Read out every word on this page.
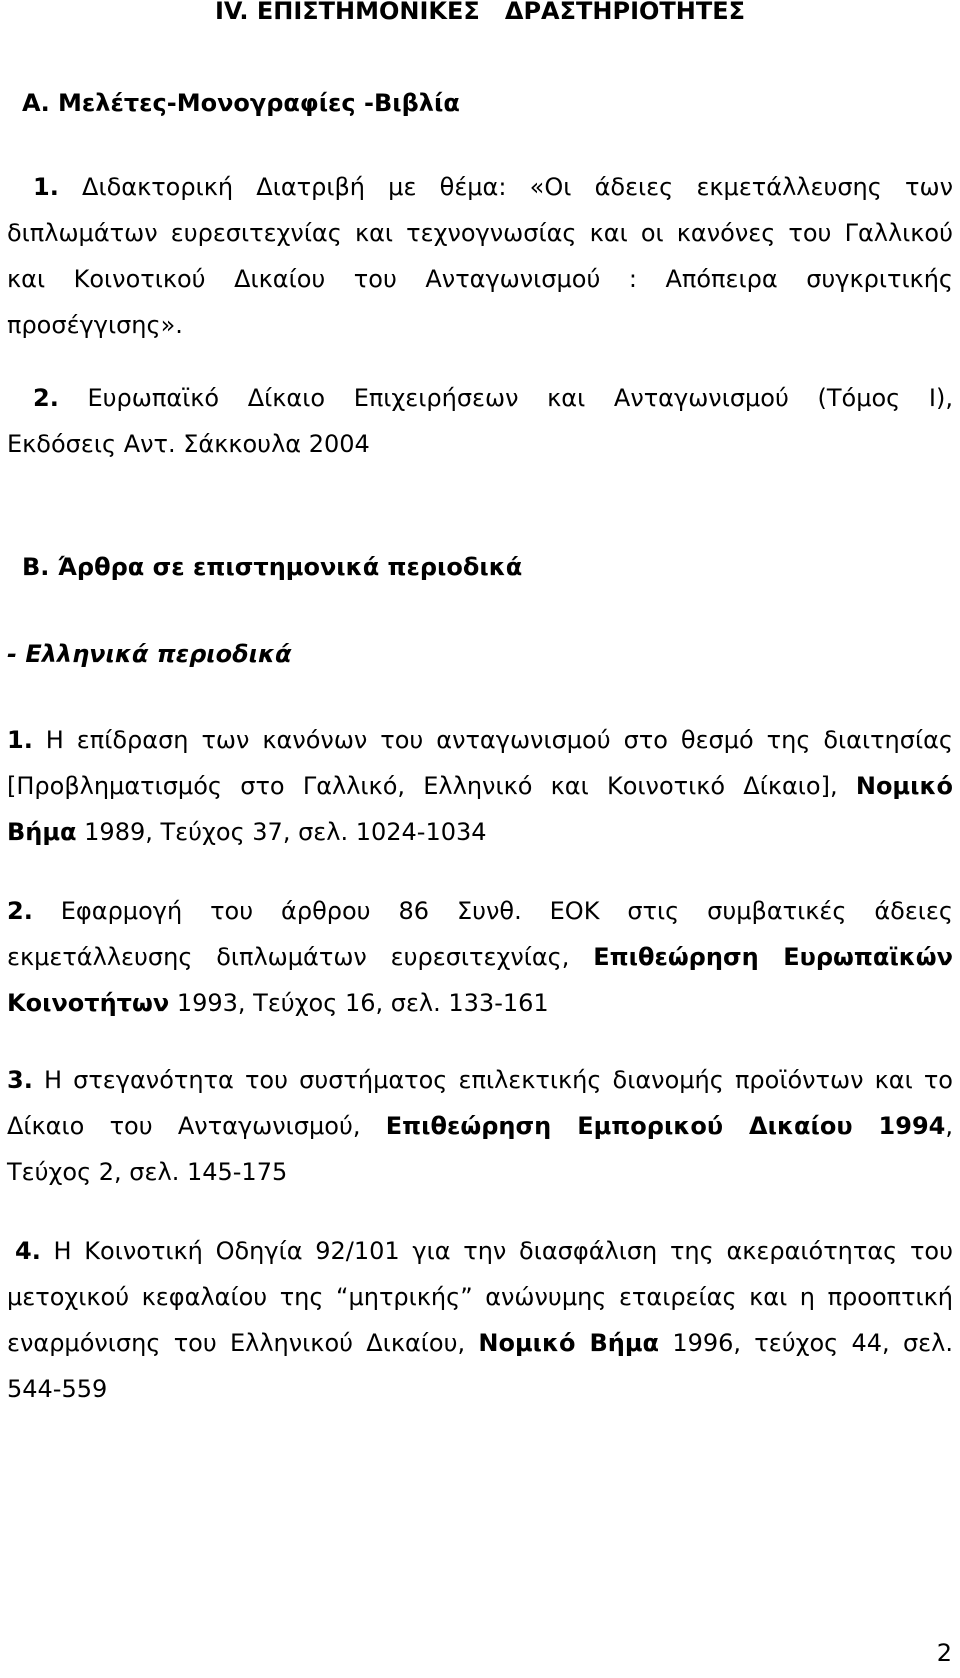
IV. ΕΠΙΣΤΗΜΟΝΙΚΕΣ   ΔΡΑΣΤΗΡΙΟΤΗΤΕΣ
Α. Μελέτες-Μονογραφίες -Βιβλία
1. Διδακτορική Διατριβή με θέμα: «Οι άδειες εκμετάλλευσης των
διπλωμάτων ευρεσιτεχνίας και τεχνογνωσίας και οι κανόνες του Γαλλικού
και Κοινοτικού Δικαίου του Ανταγωνισμού : Απόπειρα συγκριτικής
προσέγγισης».
2. Ευρωπαϊκό Δίκαιο Επιχειρήσεων και Ανταγωνισμού (Τόμος Ι),
Εκδόσεις Αντ. Σάκκουλα 2004
Β. Άρθρα σε επιστημονικά περιοδικά
- Ελληνικά περιοδικά
1. Η επίδραση των κανόνων του ανταγωνισμού στο θεσμό της διαιτησίας
[Προβληματισμός στο Γαλλικό, Ελληνικό και Κοινοτικό Δίκαιο], Νομικό
Βήμα 1989, Τεύχος 37, σελ. 1024-1034
2. Εφαρμογή του άρθρου 86 Συνθ. ΕΟΚ στις συμβατικές άδειες
εκμετάλλευσης διπλωμάτων ευρεσιτεχνίας, Επιθεώρηση Ευρωπαϊκών
Κοινοτήτων 1993, Τεύχος 16, σελ. 133-161
3. Η στεγανότητα του συστήματος επιλεκτικής διανομής προϊόντων και το
Δίκαιο του Ανταγωνισμού, Επιθεώρηση Εμπορικού Δικαίου 1994,
Τεύχος 2, σελ. 145-175
4. Η Κοινοτική Οδηγία 92/101 για την διασφάλιση της ακεραιότητας του
μετοχικού κεφαλαίου της “μητρικής” ανώνυμης εταιρείας και η προοπτική
εναρμόνισης του Ελληνικού Δικαίου, Νομικό Βήμα 1996, τεύχος 44, σελ.
544-559
2
